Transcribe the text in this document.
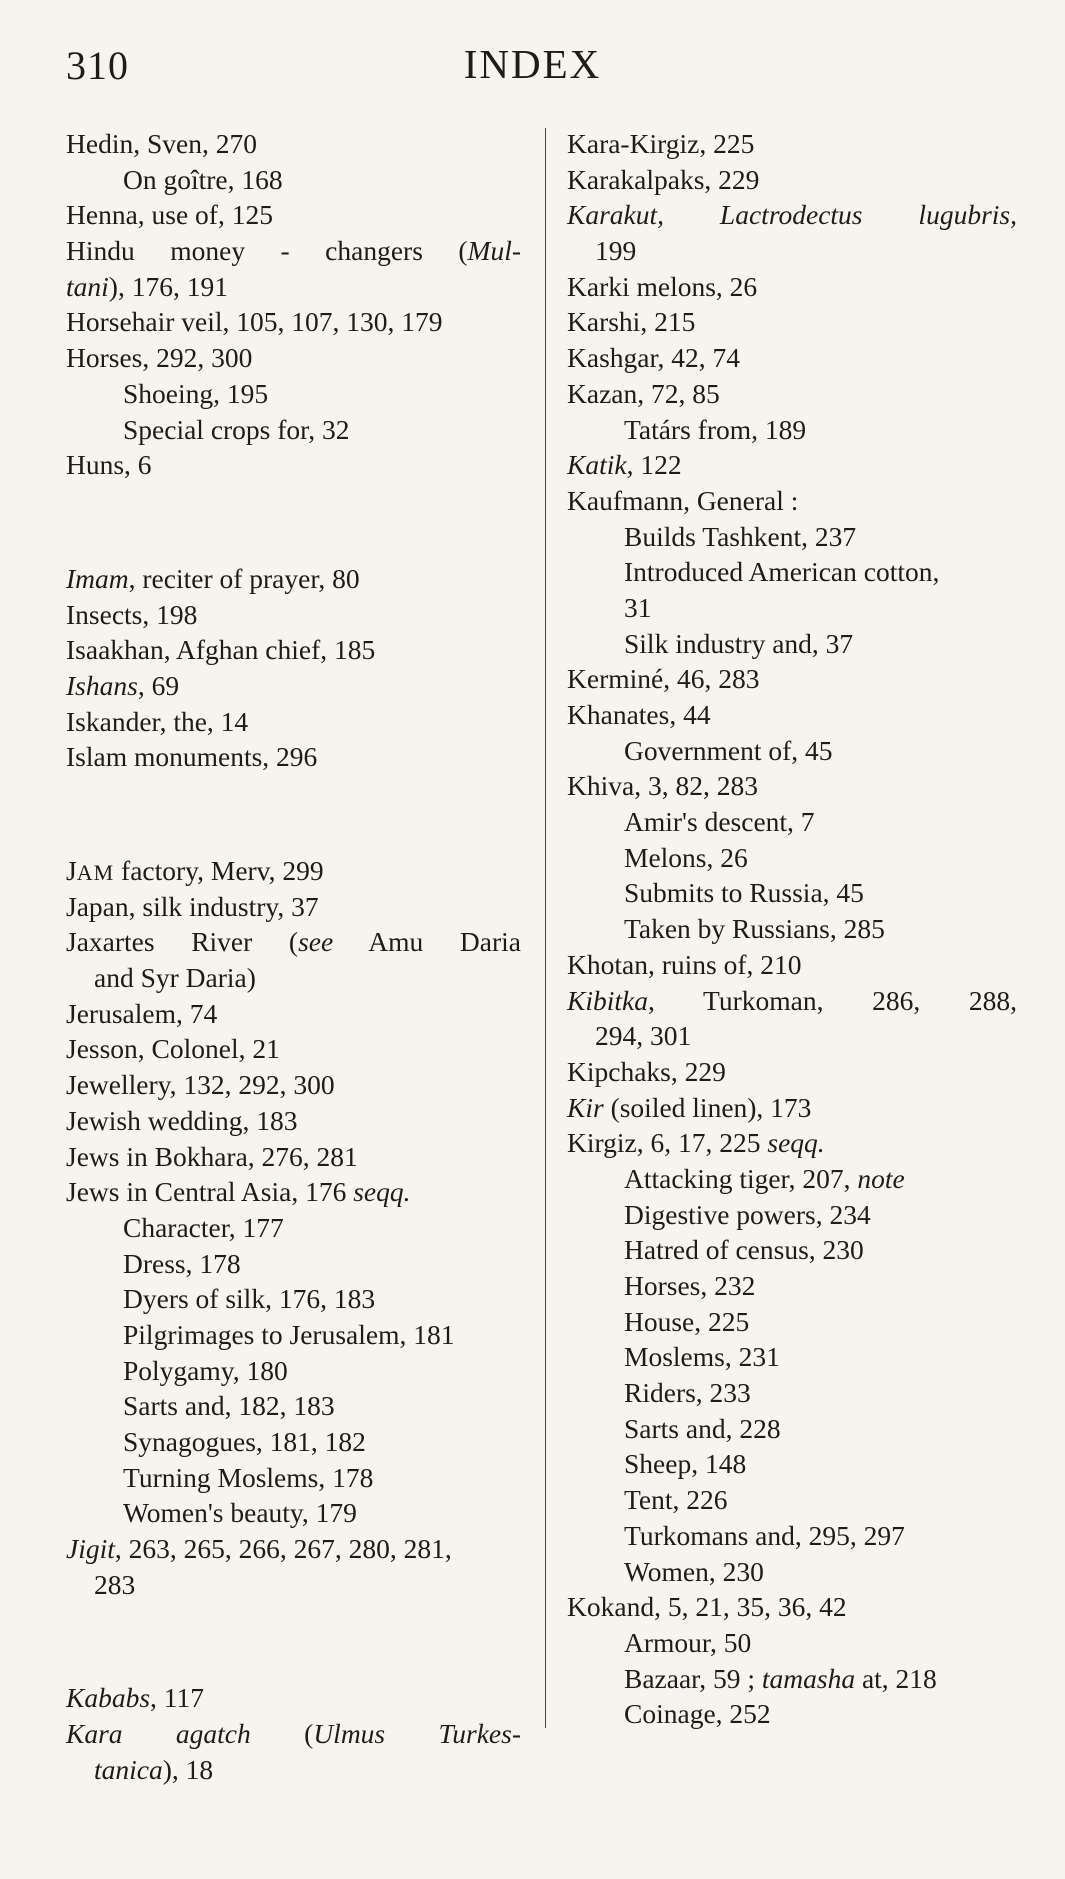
310	INDEX
Hedin, Sven, 270
On goître, 168
Henna, use of, 125
Hindu money - changers (Mul-
tani), 176, 191
Horsehair veil, 105, 107, 130, 179
Horses, 292, 300
Shoeing, 195
Special crops for, 32
Huns, 6
Imam, reciter of prayer, 80
Insects, 198
Isaakhan, Afghan chief, 185
Ishans, 69
Iskander, the, 14
Islam monuments, 296
JAM factory, Merv, 299
Japan, silk industry, 37
Jaxartes River (see Amu Daria
and Syr Daria)
Jerusalem, 74
Jesson, Colonel, 21
Jewellery, 132, 292, 300
Jewish wedding, 183
Jews in Bokhara, 276, 281
Jews in Central Asia, 176 seqq.
Character, 177
Dress, 178
Dyers of silk, 176, 183
Pilgrimages to Jerusalem, 181
Polygamy, 180
Sarts and, 182, 183
Synagogues, 181, 182
Turning Moslems, 178
Women's beauty, 179
Jigit, 263, 265, 266, 267, 280, 281,
283
Kababs, 117
Kara agatch (Ulmus Turkes-
tanica), 18
Kara-Kirgiz, 225
Karakalpaks, 229
Karakut, Lactrodectus lugubris,
199
Karki melons, 26
Karshi, 215
Kashgar, 42, 74
Kazan, 72, 85
Tatárs from, 189
Katik, 122
Kaufmann, General :
Builds Tashkent, 237
Introduced American cotton,
31
Silk industry and, 37
Kerminé, 46, 283
Khanates, 44
Government of, 45
Khiva, 3, 82, 283
Amir's descent, 7
Melons, 26
Submits to Russia, 45
Taken by Russians, 285
Khotan, ruins of, 210
Kibitka, Turkoman, 286, 288,
294, 301
Kipchaks, 229
Kir (soiled linen), 173
Kirgiz, 6, 17, 225 seqq.
Attacking tiger, 207, note
Digestive powers, 234
Hatred of census, 230
Horses, 232
House, 225
Moslems, 231
Riders, 233
Sarts and, 228
Sheep, 148
Tent, 226
Turkomans and, 295, 297
Women, 230
Kokand, 5, 21, 35, 36, 42
Armour, 50
Bazaar, 59 ; tamasha at, 218
Coinage, 252
